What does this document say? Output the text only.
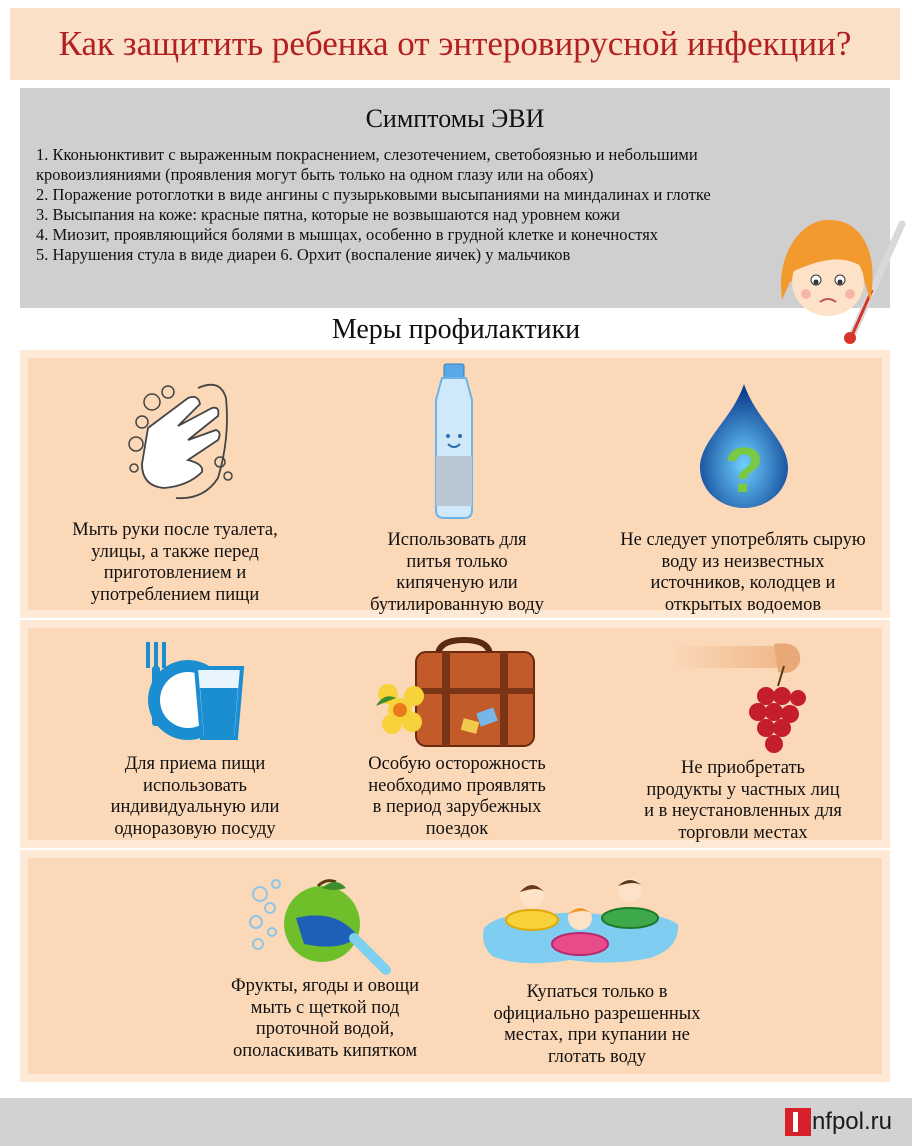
Как защитить ребенка от энтеровирусной инфекции?
Симптомы ЭВИ
1. Кконьюнктивит с выраженным покраснением, слезотечением, светобоязнью и небольшими
кровоизлияниями (проявления могут быть только на одном глазу или на обоях)
2. Поражение ротоглотки в виде ангины с пузырьковыми высыпаниями на миндалинах и глотке
3. Высыпания на коже: красные пятна, которые не возвышаются над уровнем кожи
4. Миозит, проявляющийся болями в мышцах, особенно в грудной клетке и конечностях
5. Нарушения стула в виде диареи 6. Орхит (воспаление яичек) у мальчиков
Меры профилактики
Мыть руки после туалета,
улицы, а также перед
приготовлением и
употреблением пищи
Использовать для
питья только
кипяченую или
бутилированную воду
?
Не следует употреблять сырую
воду из неизвестных
источников, колодцев и
открытых водоемов
Для приема пищи
использовать
индивидуальную или
одноразовую посуду
Особую осторожность
необходимо проявлять
в период зарубежных
поездок
Не приобретать
продукты у частных лиц
и в неустановленных для
торговли местах
Фрукты, ягоды и овощи
мыть с щеткой под
проточной водой,
ополаскивать кипятком
Купаться только в
официально разрешенных
местах, при купании не
глотать воду
nfpol.ru
